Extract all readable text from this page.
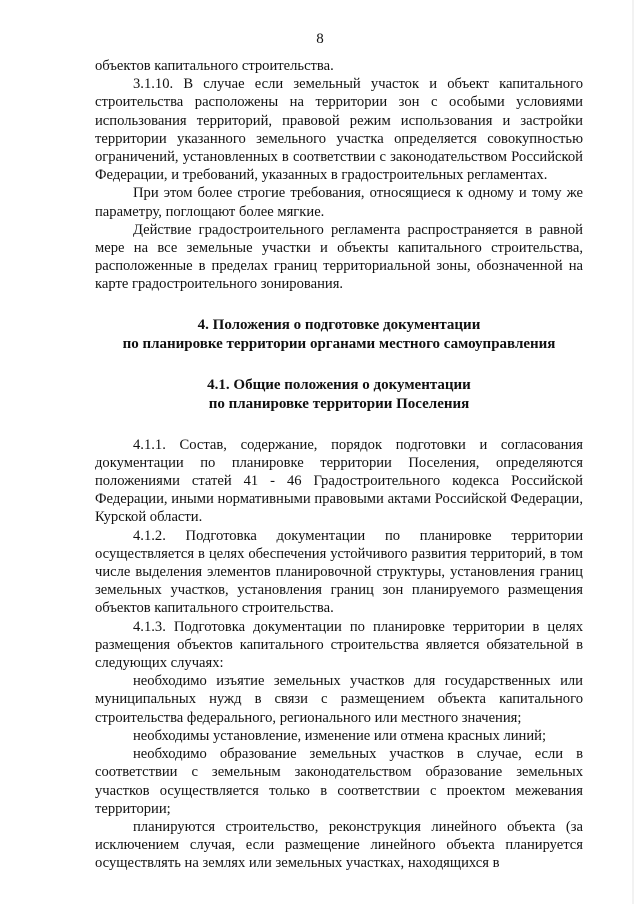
8

объектов капитального строительства.

3.1.10. В случае если земельный участок и объект капитального строительства расположены на территории зон с особыми условиями использования территорий, правовой режим использования и застройки территории указанного земельного участка определяется совокупностью ограничений, установленных в соответствии с законодательством Российской Федерации, и требований, указанных в градостроительных регламентах.

При этом более строгие требования, относящиеся к одному и тому же параметру, поглощают более мягкие.

Действие градостроительного регламента распространяется в равной мере на все земельные участки и объекты капитального строительства, расположенные в пределах границ территориальной зоны, обозначенной на карте градостроительного зонирования.

4. Положения о подготовке документации
по планировке территории органами местного самоуправления

4.1. Общие положения о документации
по планировке территории Поселения

4.1.1. Состав, содержание, порядок подготовки и согласования документации по планировке территории Поселения, определяются положениями статей 41 - 46 Градостроительного кодекса Российской Федерации, иными нормативными правовыми актами Российской Федерации, Курской области.

4.1.2. Подготовка документации по планировке территории осуществляется в целях обеспечения устойчивого развития территорий, в том числе выделения элементов планировочной структуры, установления границ земельных участков, установления границ зон планируемого размещения объектов капитального строительства.

4.1.3. Подготовка документации по планировке территории в целях размещения объектов капитального строительства является обязательной в следующих случаях:

необходимо изъятие земельных участков для государственных или муниципальных нужд в связи с размещением объекта капитального строительства федерального, регионального или местного значения;

необходимы установление, изменение или отмена красных линий;

необходимо образование земельных участков в случае, если в соответствии с земельным законодательством образование земельных участков осуществляется только в соответствии с проектом межевания территории;

планируются строительство, реконструкция линейного объекта (за исключением случая, если размещение линейного объекта планируется осуществлять на землях или земельных участках, находящихся в
